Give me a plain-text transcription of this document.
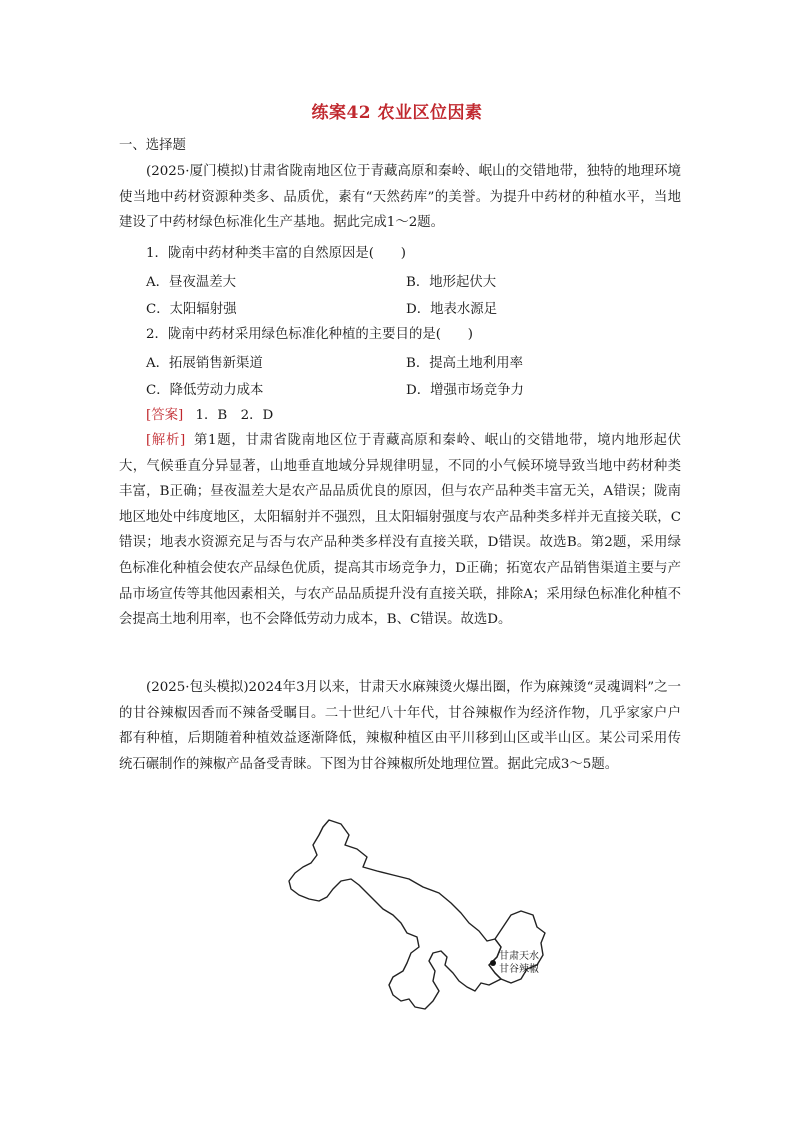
练案42 农业区位因素
一、选择题
(2025·厦门模拟)甘肃省陇南地区位于青藏高原和秦岭、岷山的交错地带，独特的地理环境使当地中药材资源种类多、品质优，素有“天然药库”的美誉。为提升中药材的种植水平，当地建设了中药材绿色标准化生产基地。据此完成1～2题。
1．陇南中药材种类丰富的自然原因是(　　)
A．昼夜温差大	B．地形起伏大
C．太阳辐射强	D．地表水源足
2．陇南中药材采用绿色标准化种植的主要目的是(　　)
A．拓展销售新渠道	B．提高土地利用率
C．降低劳动力成本	D．增强市场竞争力
[答案] 1．B　2．D
[解析] 第1题，甘肃省陇南地区位于青藏高原和秦岭、岷山的交错地带，境内地形起伏大，气候垂直分异显著，山地垂直地域分异规律明显，不同的小气候环境导致当地中药材种类丰富，B正确；昼夜温差大是农产品品质优良的原因，但与农产品种类丰富无关，A错误；陇南地区地处中纬度地区，太阳辐射并不强烈，且太阳辐射强度与农产品种类多样并无直接关联，C错误；地表水资源充足与否与农产品种类多样没有直接关联，D错误。故选B。第2题，采用绿色标准化种植会使农产品绿色优质，提高其市场竞争力，D正确；拓宽农产品销售渠道主要与产品市场宣传等其他因素相关，与农产品品质提升没有直接关联，排除A；采用绿色标准化种植不会提高土地利用率，也不会降低劳动力成本，B、C错误。故选D。
(2025·包头模拟)2024年3月以来，甘肃天水麻辣烫火爆出圈，作为麻辣烫“灵魂调料”之一的甘谷辣椒因香而不辣备受瞩目。二十世纪八十年代，甘谷辣椒作为经济作物，几乎家家户户都有种植，后期随着种植效益逐渐降低，辣椒种植区由平川移到山区或半山区。某公司采用传统石碾制作的辣椒产品备受青睐。下图为甘谷辣椒所处地理位置。据此完成3～5题。
甘肃天水
甘谷辣椒
